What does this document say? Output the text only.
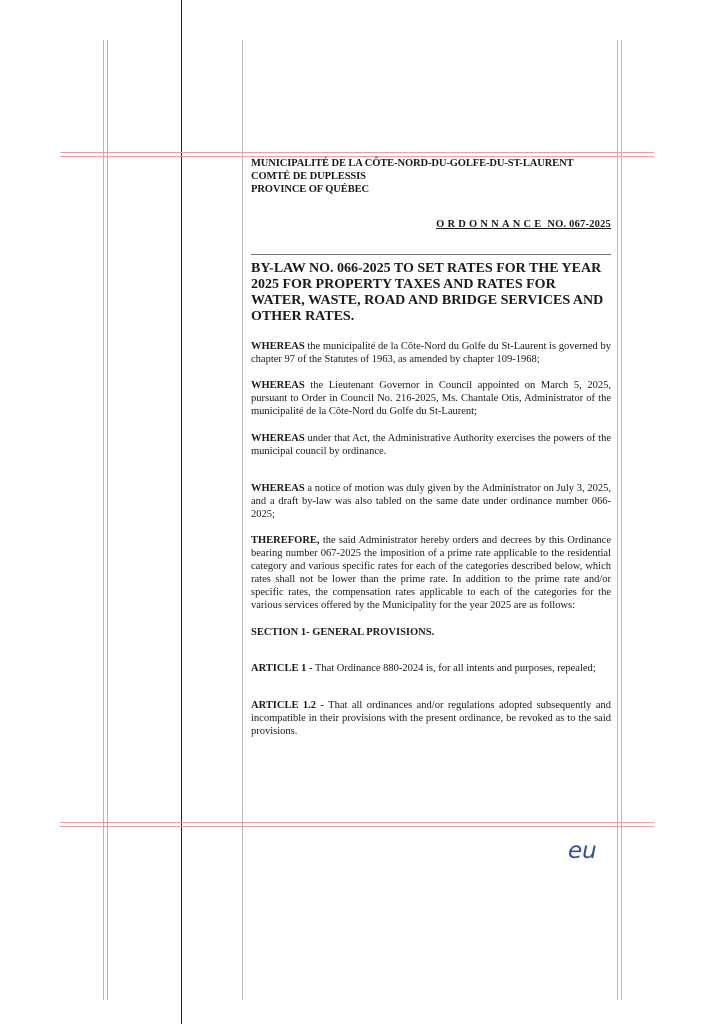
MUNICIPALITÉ DE LA CÔTE-NORD-DU-GOLFE-DU-ST-LAURENT
COMTÉ DE DUPLESSIS
PROVINCE OF QUÉBEC
ORDONNANCE NO. 067-2025
BY-LAW NO. 066-2025 TO SET RATES FOR THE YEAR 2025 FOR PROPERTY TAXES AND RATES FOR WATER, WASTE, ROAD AND BRIDGE SERVICES AND OTHER RATES.

WHEREAS the municipalité de la Côte-Nord du Golfe du St-Laurent is governed by chapter 97 of the Statutes of 1963, as amended by chapter 109-1968;

WHEREAS the Lieutenant Governor in Council appointed on March 5, 2025, pursuant to Order in Council No. 216-2025, Ms. Chantale Otis, Administrator of the municipalité de la Côte-Nord du Golfe du St-Laurent;

WHEREAS under that Act, the Administrative Authority exercises the powers of the municipal council by ordinance.

WHEREAS a notice of motion was duly given by the Administrator on July 3, 2025, and a draft by-law was also tabled on the same date under ordinance number 066-2025;

THEREFORE, the said Administrator hereby orders and decrees by this Ordinance bearing number 067-2025 the imposition of a prime rate applicable to the residential category and various specific rates for each of the categories described below, which rates shall not be lower than the prime rate. In addition to the prime rate and/or specific rates, the compensation rates applicable to each of the categories for the various services offered by the Municipality for the year 2025 are as follows:

SECTION 1- GENERAL PROVISIONS.

ARTICLE 1 - That Ordinance 880-2024 is, for all intents and purposes, repealed;

ARTICLE 1.2 - That all ordinances and/or regulations adopted subsequently and incompatible in their provisions with the present ordinance, be revoked as to the said provisions.

eu
